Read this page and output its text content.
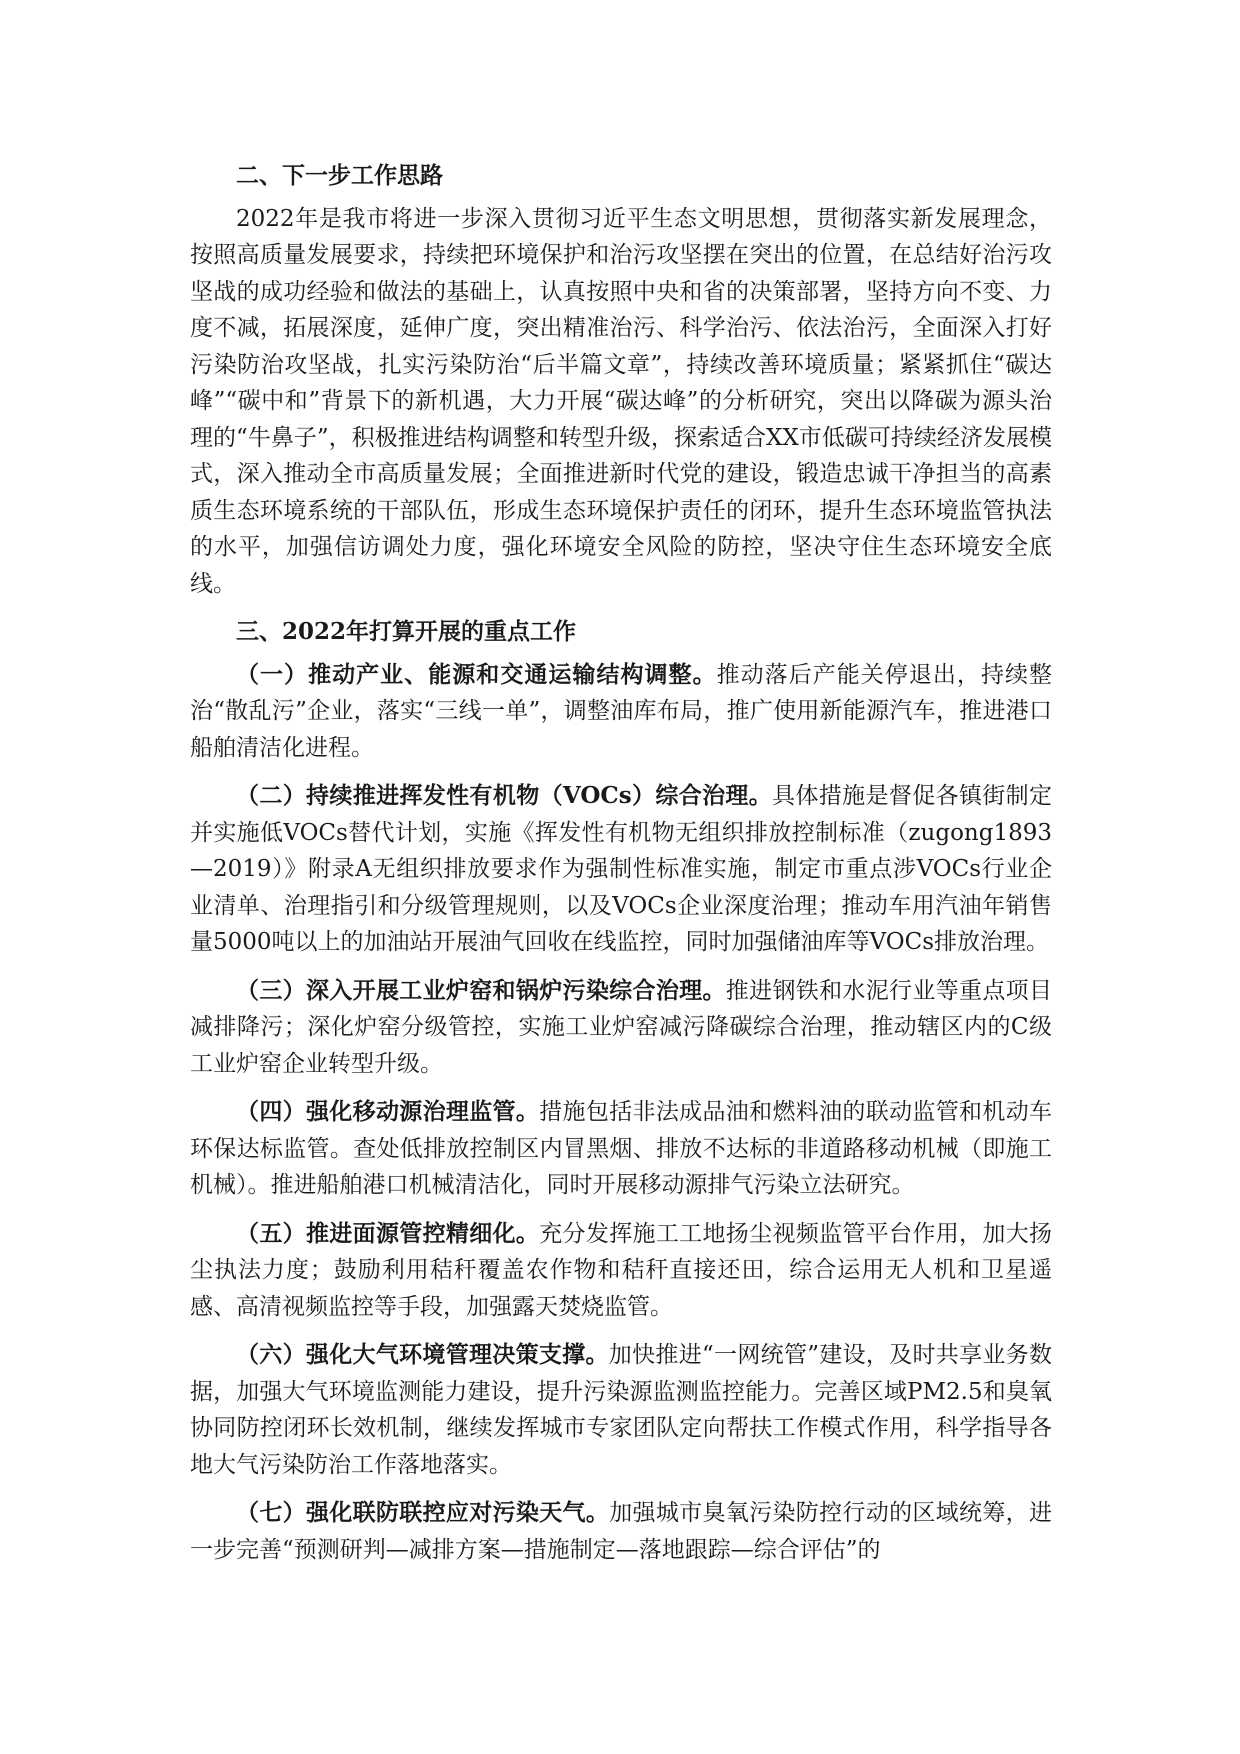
二、下一步工作思路

2022年是我市将进一步深入贯彻习近平生态文明思想，贯彻落实新发展理念，按照高质量发展要求，持续把环境保护和治污攻坚摆在突出的位置，在总结好治污攻坚战的成功经验和做法的基础上，认真按照中央和省的决策部署，坚持方向不变、力度不减，拓展深度，延伸广度，突出精准治污、科学治污、依法治污，全面深入打好污染防治攻坚战，扎实污染防治“后半篇文章”，持续改善环境质量；紧紧抓住“碳达峰”“碳中和”背景下的新机遇，大力开展“碳达峰”的分析研究，突出以降碳为源头治理的“牛鼻子”，积极推进结构调整和转型升级，探索适合XX市低碳可持续经济发展模式，深入推动全市高质量发展；全面推进新时代党的建设，锻造忠诚干净担当的高素质生态环境系统的干部队伍，形成生态环境保护责任的闭环，提升生态环境监管执法的水平，加强信访调处力度，强化环境安全风险的防控，坚决守住生态环境安全底线。

三、2022年打算开展的重点工作

（一）推动产业、能源和交通运输结构调整。推动落后产能关停退出，持续整治“散乱污”企业，落实“三线一单”，调整油库布局，推广使用新能源汽车，推进港口船舶清洁化进程。

（二）持续推进挥发性有机物（VOCs）综合治理。具体措施是督促各镇街制定并实施低VOCs替代计划，实施《挥发性有机物无组织排放控制标准（zugong1893—2019）》附录A无组织排放要求作为强制性标准实施，制定市重点涉VOCs行业企业清单、治理指引和分级管理规则，以及VOCs企业深度治理；推动车用汽油年销售量5000吨以上的加油站开展油气回收在线监控，同时加强储油库等VOCs排放治理。

（三）深入开展工业炉窑和锅炉污染综合治理。推进钢铁和水泥行业等重点项目减排降污；深化炉窑分级管控，实施工业炉窑减污降碳综合治理，推动辖区内的C级工业炉窑企业转型升级。

（四）强化移动源治理监管。措施包括非法成品油和燃料油的联动监管和机动车环保达标监管。查处低排放控制区内冒黑烟、排放不达标的非道路移动机械（即施工机械）。推进船舶港口机械清洁化，同时开展移动源排气污染立法研究。

（五）推进面源管控精细化。充分发挥施工工地扬尘视频监管平台作用，加大扬尘执法力度；鼓励利用秸秆覆盖农作物和秸秆直接还田，综合运用无人机和卫星遥感、高清视频监控等手段，加强露天焚烧监管。

（六）强化大气环境管理决策支撑。加快推进“一网统管”建设，及时共享业务数据，加强大气环境监测能力建设，提升污染源监测监控能力。完善区域PM2.5和臭氧协同防控闭环长效机制，继续发挥城市专家团队定向帮扶工作模式作用，科学指导各地大气污染防治工作落地落实。

（七）强化联防联控应对污染天气。加强城市臭氧污染防控行动的区域统筹，进一步完善“预测研判—减排方案—措施制定—落地跟踪—综合评估”的
